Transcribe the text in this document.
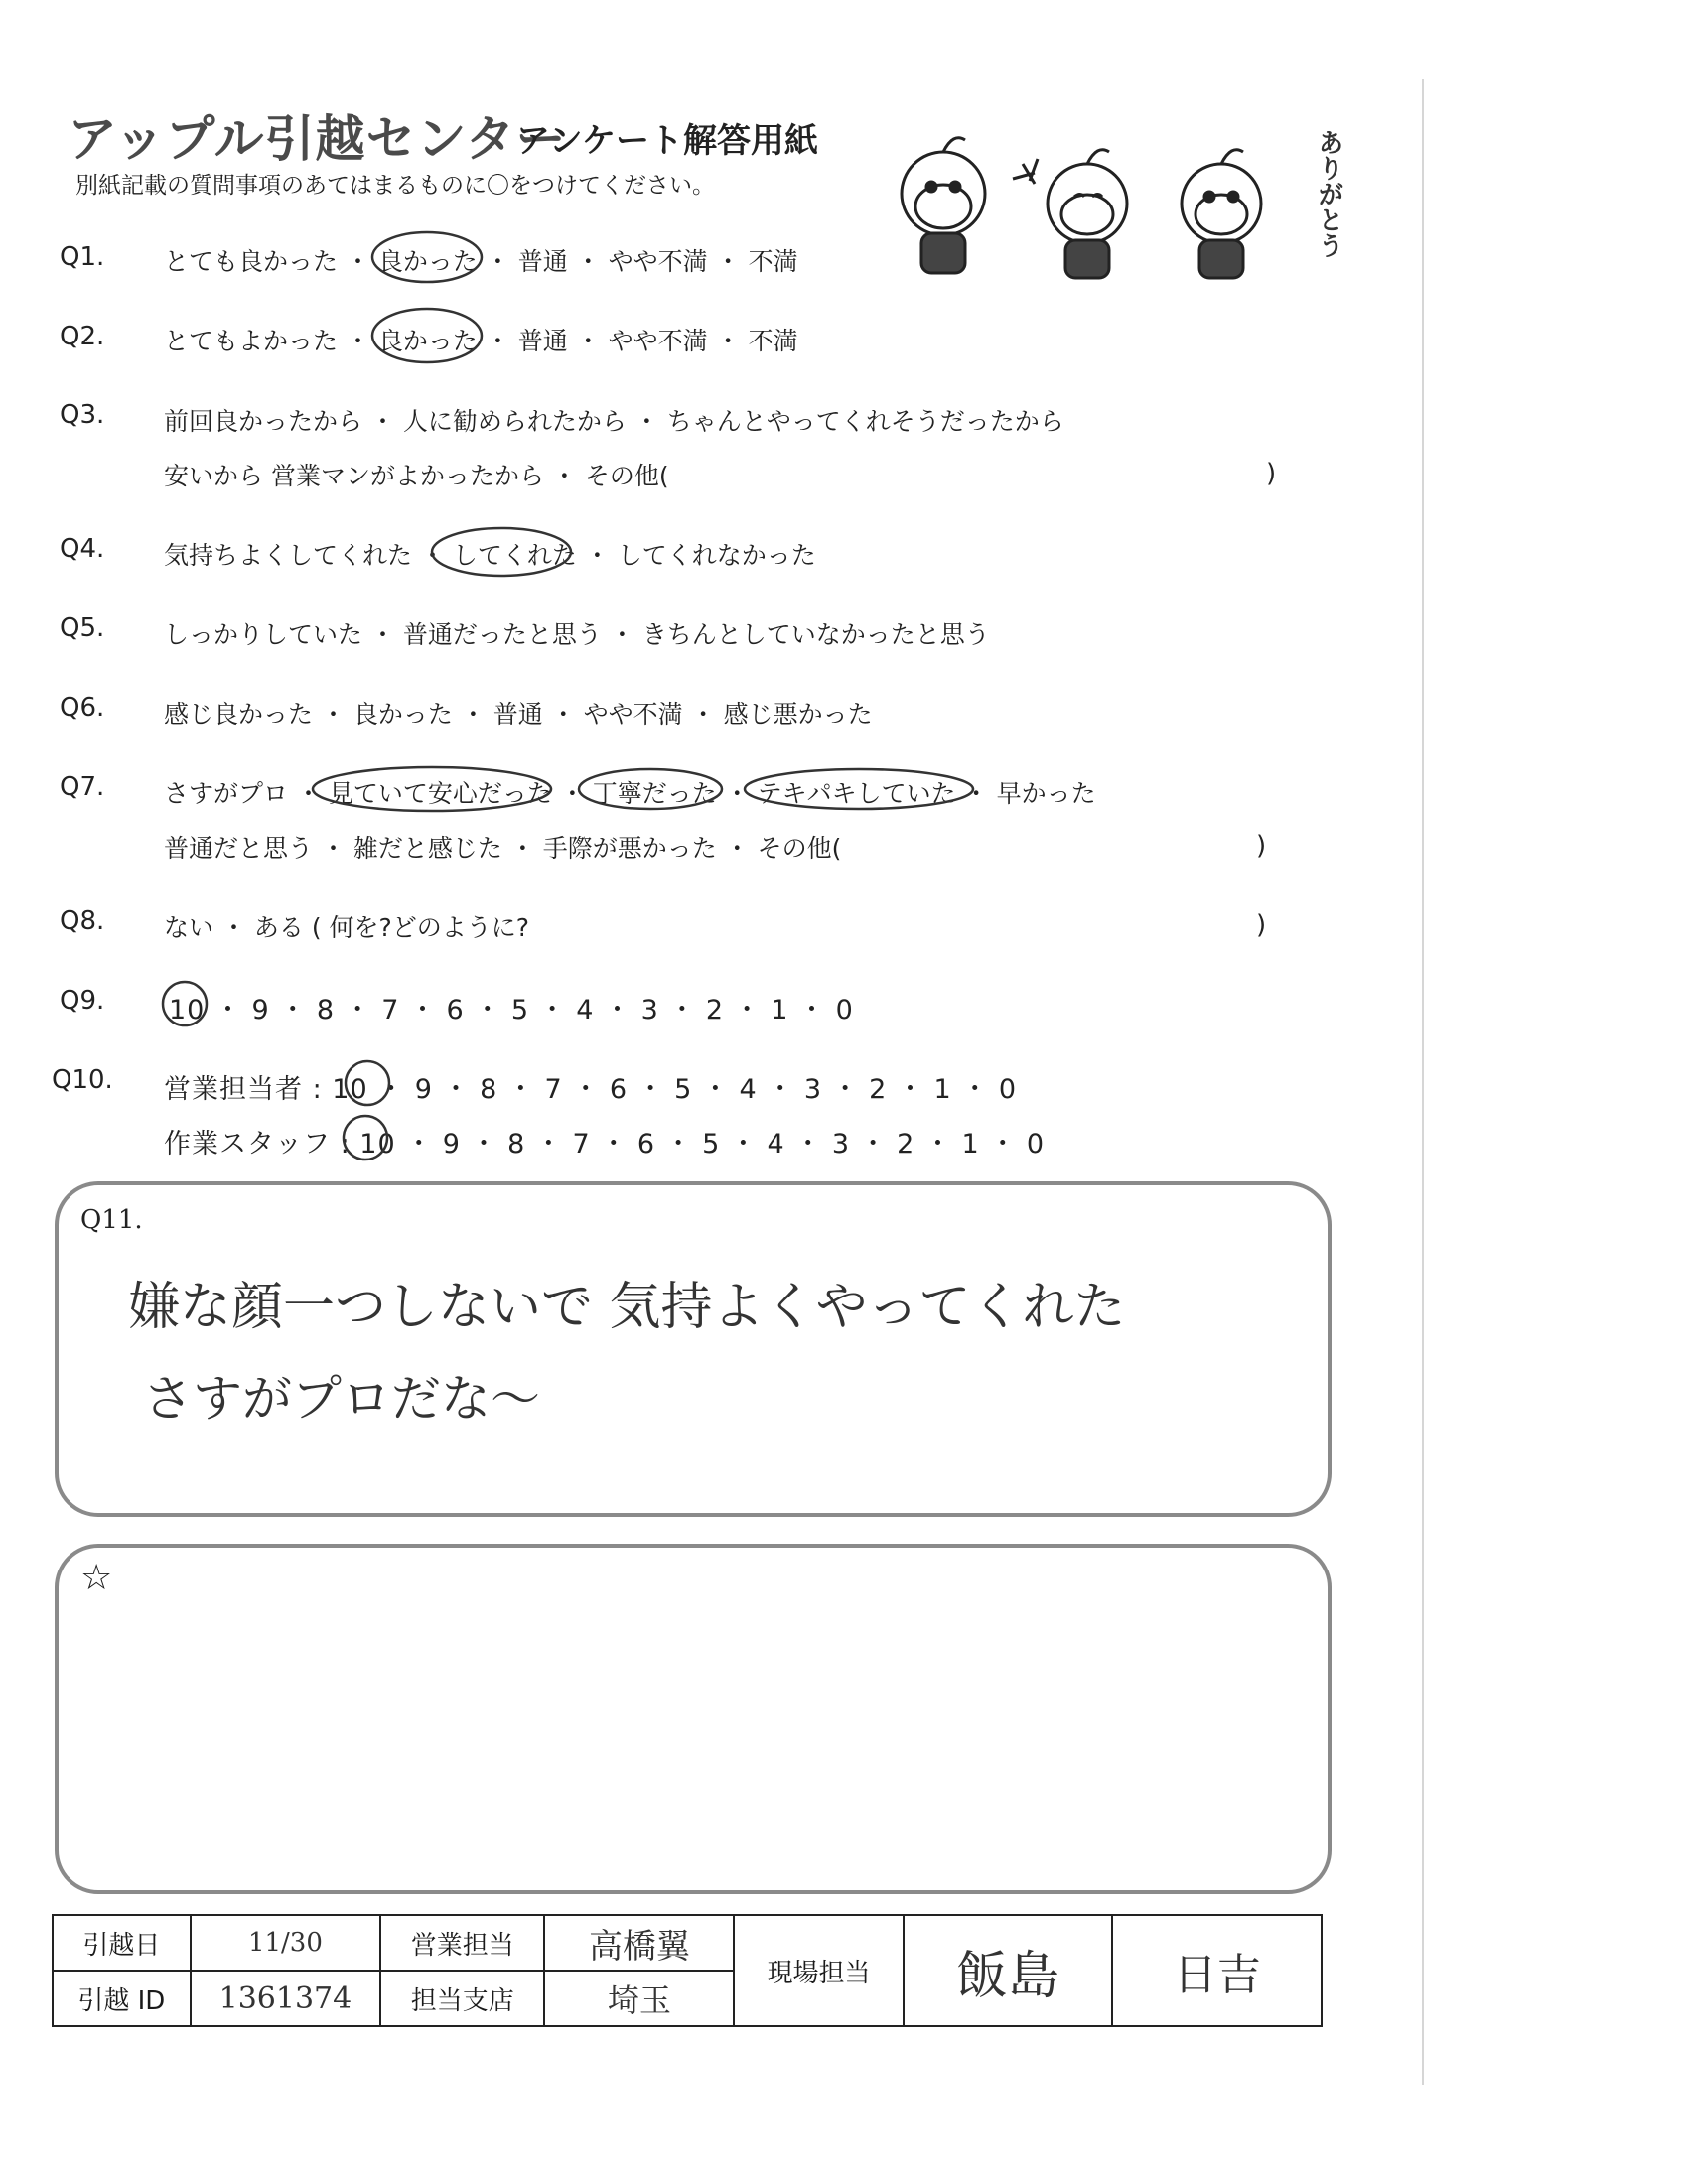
アップル引越センター
アンケート解答用紙
別紙記載の質問事項のあてはまるものに〇をつけてください。	ありがとう
Q1. とても良かった ・ 良かった ・ 普通 ・ やや不満 ・ 不満
Q2. とてもよかった ・ 良かった ・ 普通 ・ やや不満 ・ 不満
Q3. 前回良かったから ・ 人に勧められたから ・ ちゃんとやってくれそうだったから
安いから 営業マンがよかったから ・ その他(	)
Q4. 気持ちよくしてくれた ・ してくれた ・ してくれなかった
Q5. しっかりしていた ・ 普通だったと思う ・ きちんとしていなかったと思う
Q6. 感じ良かった ・ 良かった ・ 普通 ・ やや不満 ・ 感じ悪かった
Q7. さすがプロ ・ 見ていて安心だった ・ 丁寧だった ・ テキパキしていた ・ 早かった
普通だと思う ・ 雑だと感じた ・ 手際が悪かった ・ その他(	)
Q8. ない ・ ある ( 何を?どのように?	)
Q9. 10 ・ 9 ・ 8 ・ 7 ・ 6 ・ 5 ・ 4 ・ 3 ・ 2 ・ 1 ・ 0
Q10. 営業担当者 : 10 ・ 9 ・ 8 ・ 7 ・ 6 ・ 5 ・ 4 ・ 3 ・ 2 ・ 1 ・ 0
作業スタッフ : 10 ・ 9 ・ 8 ・ 7 ・ 6 ・ 5 ・ 4 ・ 3 ・ 2 ・ 1 ・ 0
Q11.
嫌な顔一つしないで 気持よくやってくれた
さすがプロだな〜
☆
引越日	11/30	営業担当	高橋翼	現場担当	飯島	日吉
引越 ID	1361374	担当支店	埼玉			
